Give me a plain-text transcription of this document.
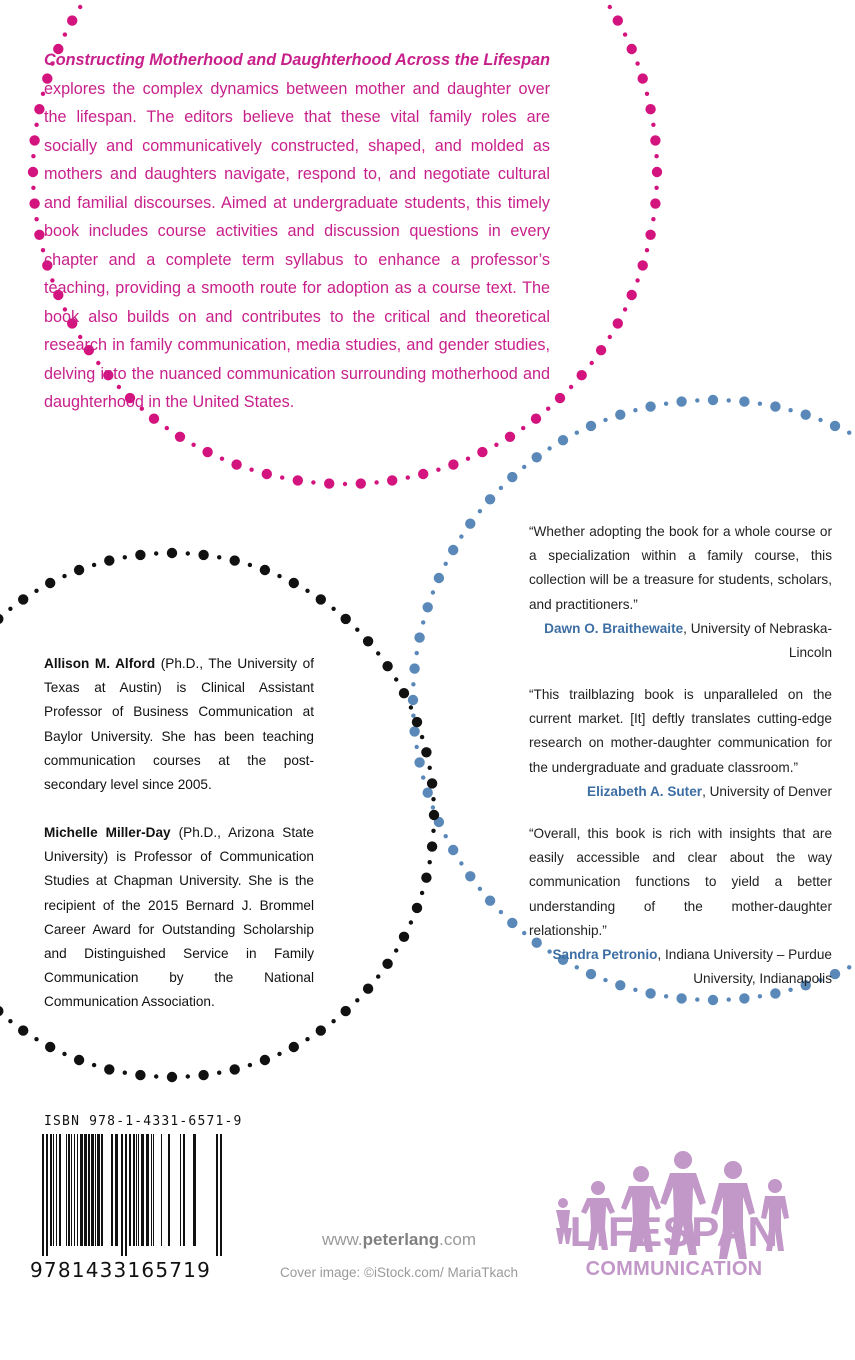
Constructing Motherhood and Daughterhood Across the Lifespan explores the complex dynamics between mother and daughter over the lifespan. The editors believe that these vital family roles are socially and communicatively constructed, shaped, and molded as mothers and daughters navigate, respond to, and negotiate cultural and familial discourses. Aimed at undergraduate students, this timely book includes course activities and discussion questions in every chapter and a complete term syllabus to enhance a professor’s teaching, providing a smooth route for adoption as a course text. The book also builds on and contributes to the critical and theoretical research in family communication, media studies, and gender studies, delving into the nuanced communication surrounding motherhood and daughterhood in the United States.

Allison M. Alford (Ph.D., The University of Texas at Austin) is Clinical Assistant Professor of Business Communication at Baylor University. She has been teaching communication courses at the post-secondary level since 2005.

Michelle Miller-Day (Ph.D., Arizona State University) is Professor of Communication Studies at Chapman University. She is the recipient of the 2015 Bernard J. Brommel Career Award for Outstanding Scholarship and Distinguished Service in Family Communication by the National Communication Association.

“Whether adopting the book for a whole course or a specialization within a family course, this collection will be a treasure for students, scholars, and practitioners.”
Dawn O. Braithewaite, University of Nebraska-Lincoln

“This trailblazing book is unparalleled on the current market. [It] deftly translates cutting-edge research on mother-daughter communication for the undergraduate and graduate classroom.”
Elizabeth A. Suter, University of Denver

“Overall, this book is rich with insights that are easily accessible and clear about the way communication functions to yield a better understanding of the mother-daughter relationship.”
Sandra Petronio, Indiana University – Purdue University, Indianapolis

ISBN 978-1-4331-6571-9
9781433165719
www.peterlang.com
Cover image: ©iStock.com/ MariaTkach
LIFESPAN
COMMUNICATION
